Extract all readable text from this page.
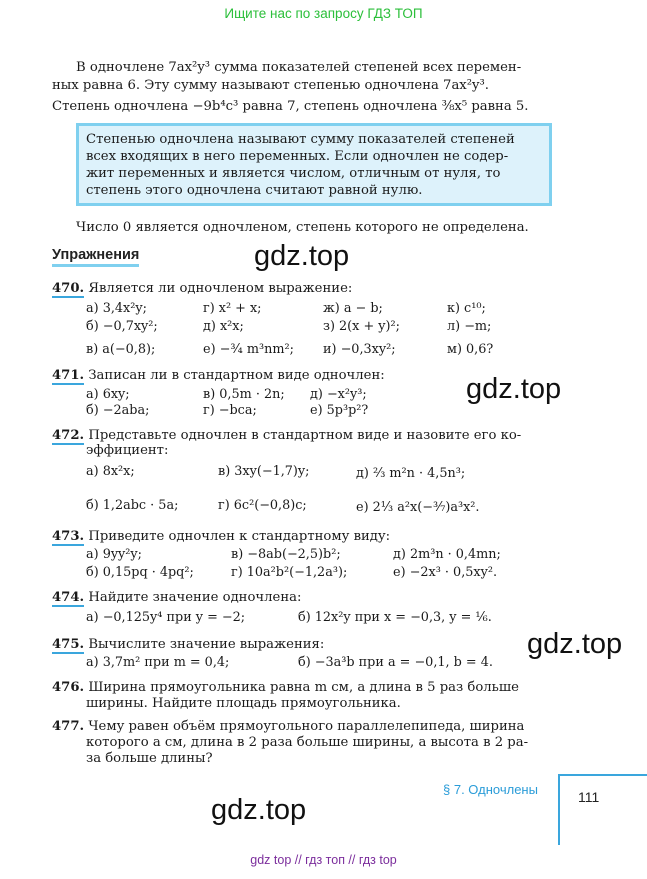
Ищите нас по запросу ГДЗ ТОП
В одночлене 7ax²y³ сумма показателей степеней всех перемен-
ных равна 6. Эту сумму называют степенью одночлена 7ax²y³.
Степень одночлена −9b⁴c³ равна 7, степень одночлена ³⁄₈x⁵ равна 5.
Степенью одночлена называют сумму показателей степеней
всех входящих в него переменных. Если одночлен не содер-
жит переменных и является числом, отличным от нуля, то
степень этого одночлена считают равной нулю.
Число 0 является одночленом, степень которого не определена.
Упражнения	gdz.top
gdz.top
gdz.top
gdz.top
470. Является ли одночленом выражение:
а) 3,4x²y;	г) x² + x;	ж) a − b;	к) c¹⁰;
б) −0,7xy²;	д) x²x;	з) 2(x + y)²;	л) −m;
в) a(−0,8);	е) −³⁄₄ m³nm²; и) −0,3xy²;	м) 0,6?
471. Записан ли в стандартном виде одночлен:
а) 6xy;	в) 0,5m · 2n; д) −x²y³;
б) −2aba;	г) −bca;	е) 5p³p²?
472. Представьте одночлен в стандартном виде и назовите его ко-
эффициент:
а) 8x²x;	в) 3xy(−1,7)y;	д) ²⁄₃ m²n · 4,5n³;
б) 1,2abc · 5a;	г) 6c²(−0,8)c;	е) 2⅓ a²x(−³⁄₇)a³x².
473. Приведите одночлен к стандартному виду:
а) 9yy²y;	в) −8ab(−2,5)b²;	д) 2m³n · 0,4mn;
б) 0,15pq · 4pq²;	г) 10a²b²(−1,2a³);	е) −2x³ · 0,5xy².
474. Найдите значение одночлена:
а) −0,125y⁴ при y = −2;	б) 12x²y при x = −0,3, y = ¹⁄₆.
475. Вычислите значение выражения:
а) 3,7m² при m = 0,4;	б) −3a³b при a = −0,1, b = 4.
476. Ширина прямоугольника равна m см, а длина в 5 раз больше
ширины. Найдите площадь прямоугольника.
477. Чему равен объём прямоугольного параллелепипеда, ширина
которого a см, длина в 2 раза больше ширины, а высота в 2 ра-
за больше длины?
§ 7. Одночлены	111
gdz top // гдз топ // гдз top
